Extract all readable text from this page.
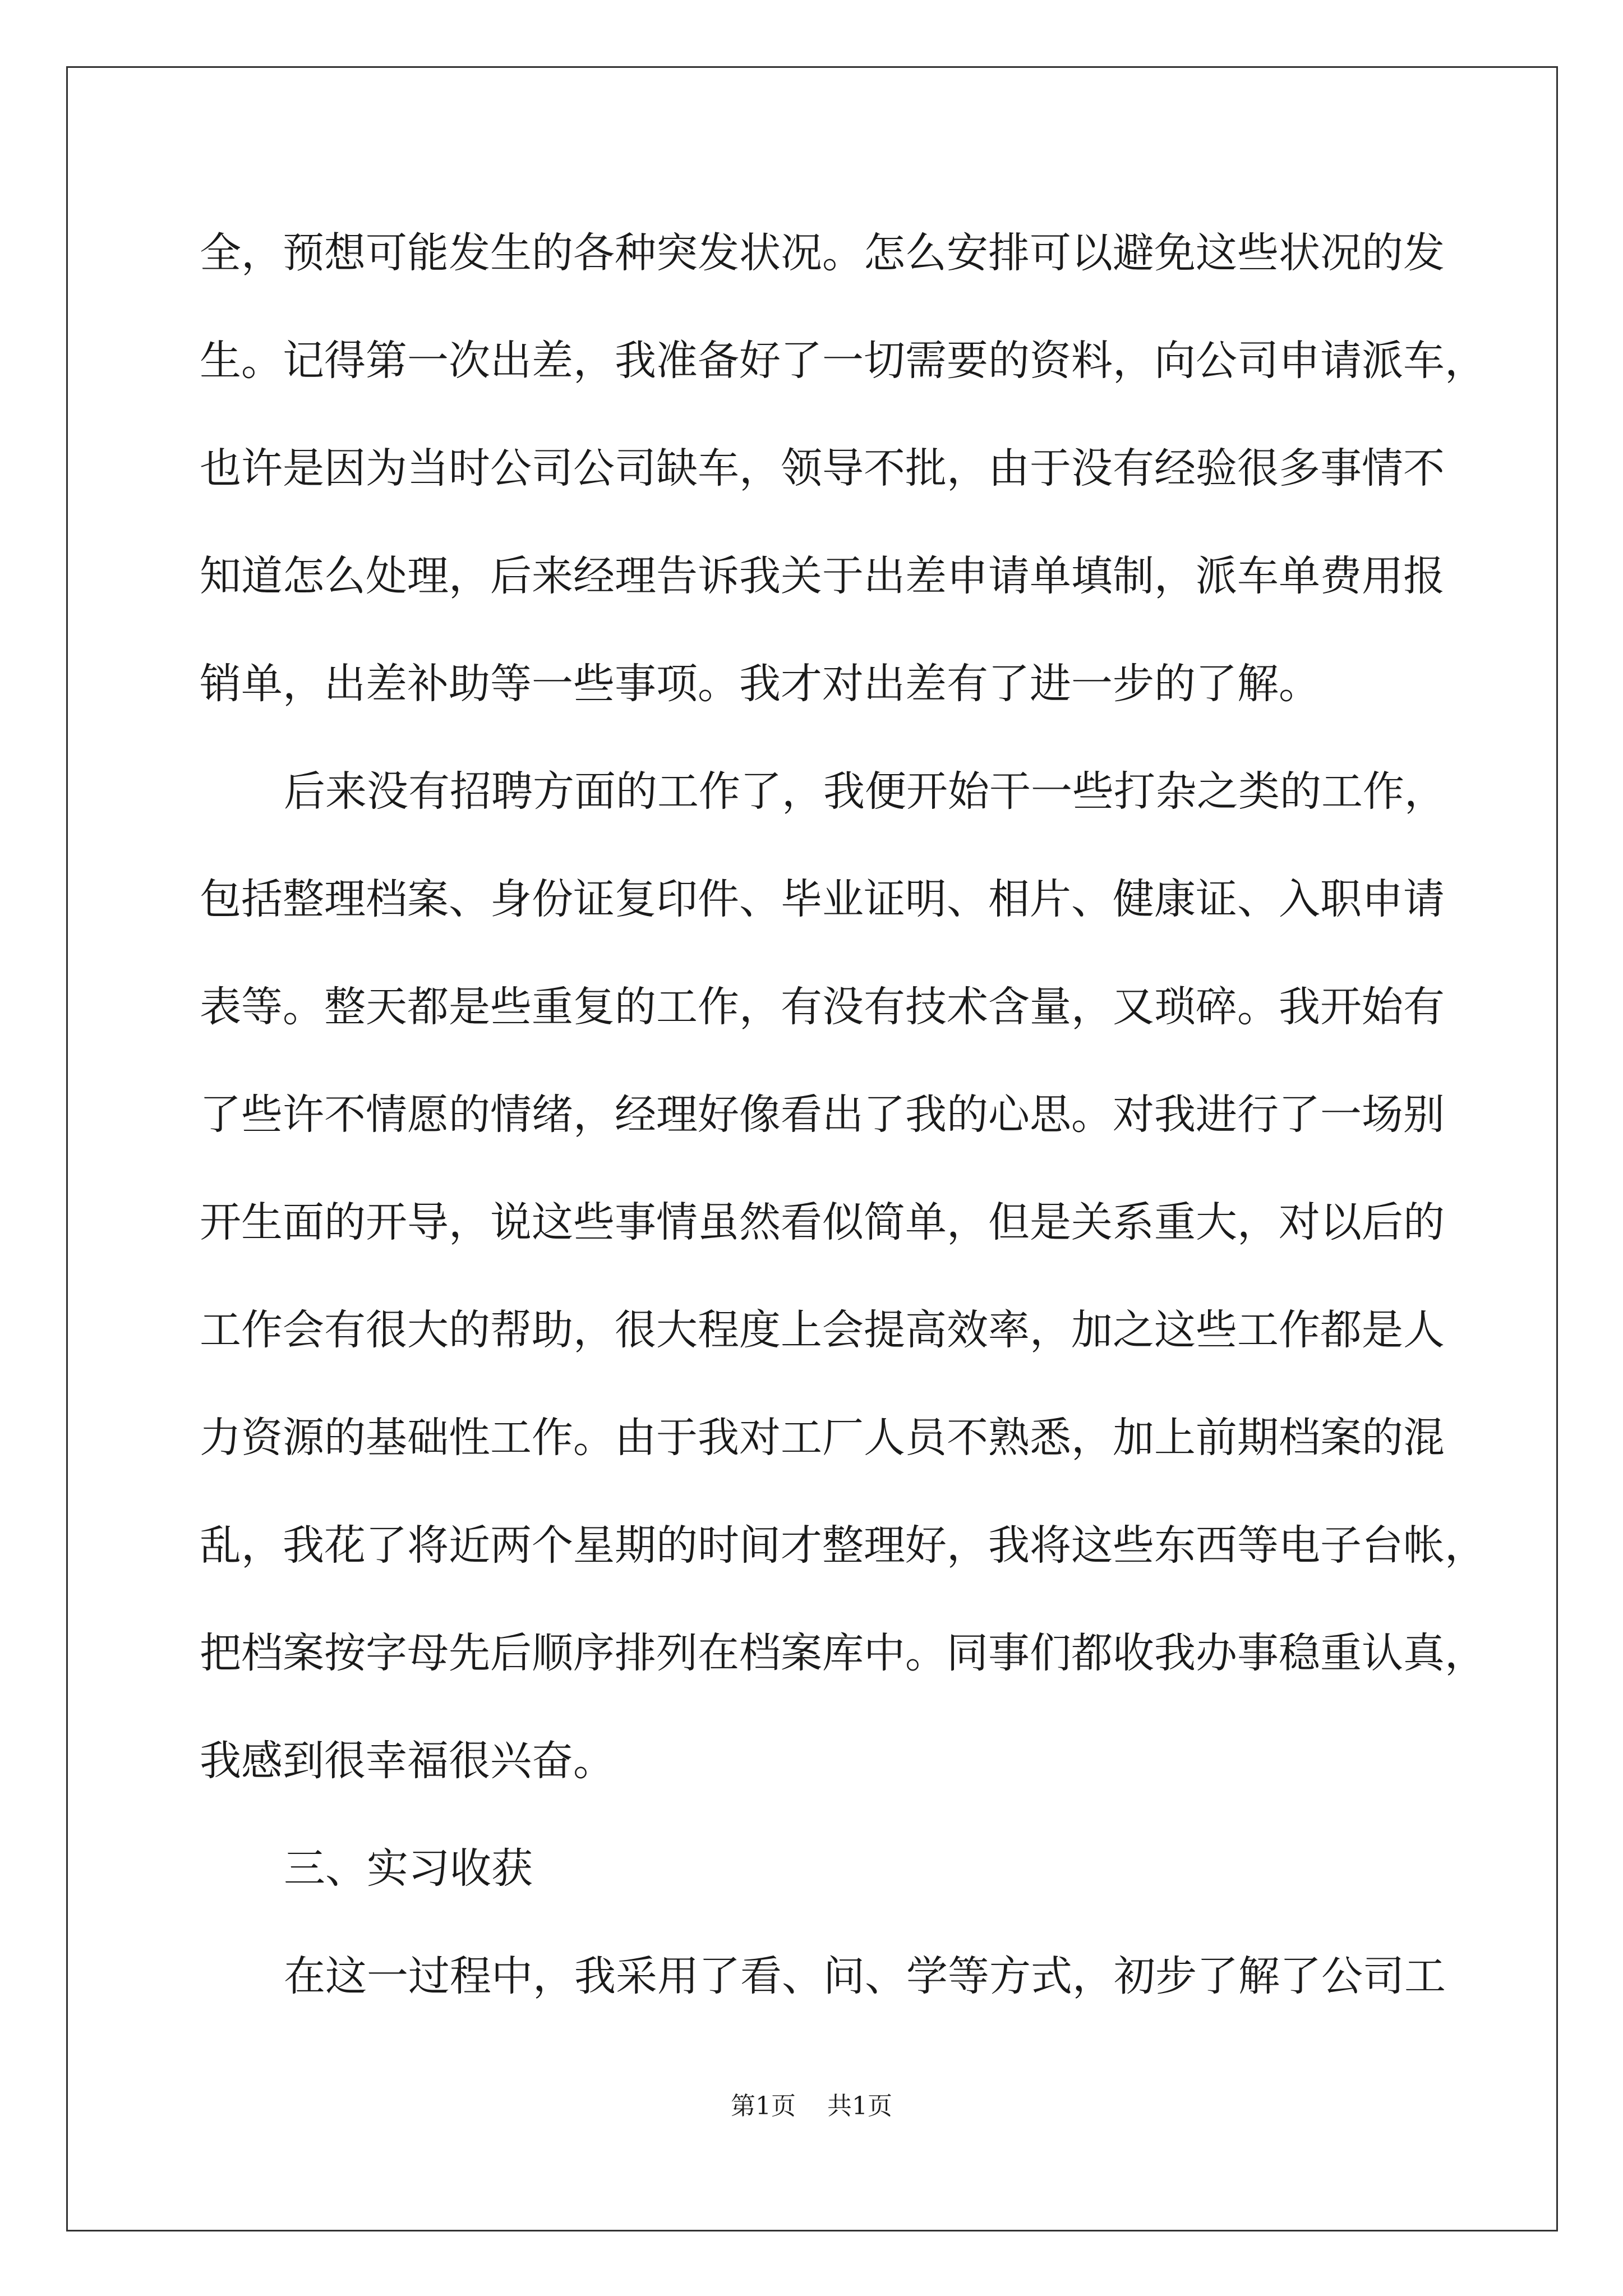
全，预想可能发生的各种突发状况。怎么安排可以避免这些状况的发
生。记得第一次出差，我准备好了一切需要的资料，向公司申请派车，
也许是因为当时公司公司缺车，领导不批，由于没有经验很多事情不
知道怎么处理，后来经理告诉我关于出差申请单填制，派车单费用报
销单，出差补助等一些事项。我才对出差有了进一步的了解。
后来没有招聘方面的工作了，我便开始干一些打杂之类的工作，
包括整理档案、身份证复印件、毕业证明、相片、健康证、入职申请
表等。整天都是些重复的工作，有没有技术含量，又琐碎。我开始有
了些许不情愿的情绪，经理好像看出了我的心思。对我进行了一场别
开生面的开导，说这些事情虽然看似简单，但是关系重大，对以后的
工作会有很大的帮助，很大程度上会提高效率，加之这些工作都是人
力资源的基础性工作。由于我对工厂人员不熟悉，加上前期档案的混
乱，我花了将近两个星期的时间才整理好，我将这些东西等电子台帐，
把档案按字母先后顺序排列在档案库中。同事们都收我办事稳重认真，
我感到很幸福很兴奋。
三、实习收获
在这一过程中，我采用了看、问、学等方式，初步了解了公司工
第1页 共1页
